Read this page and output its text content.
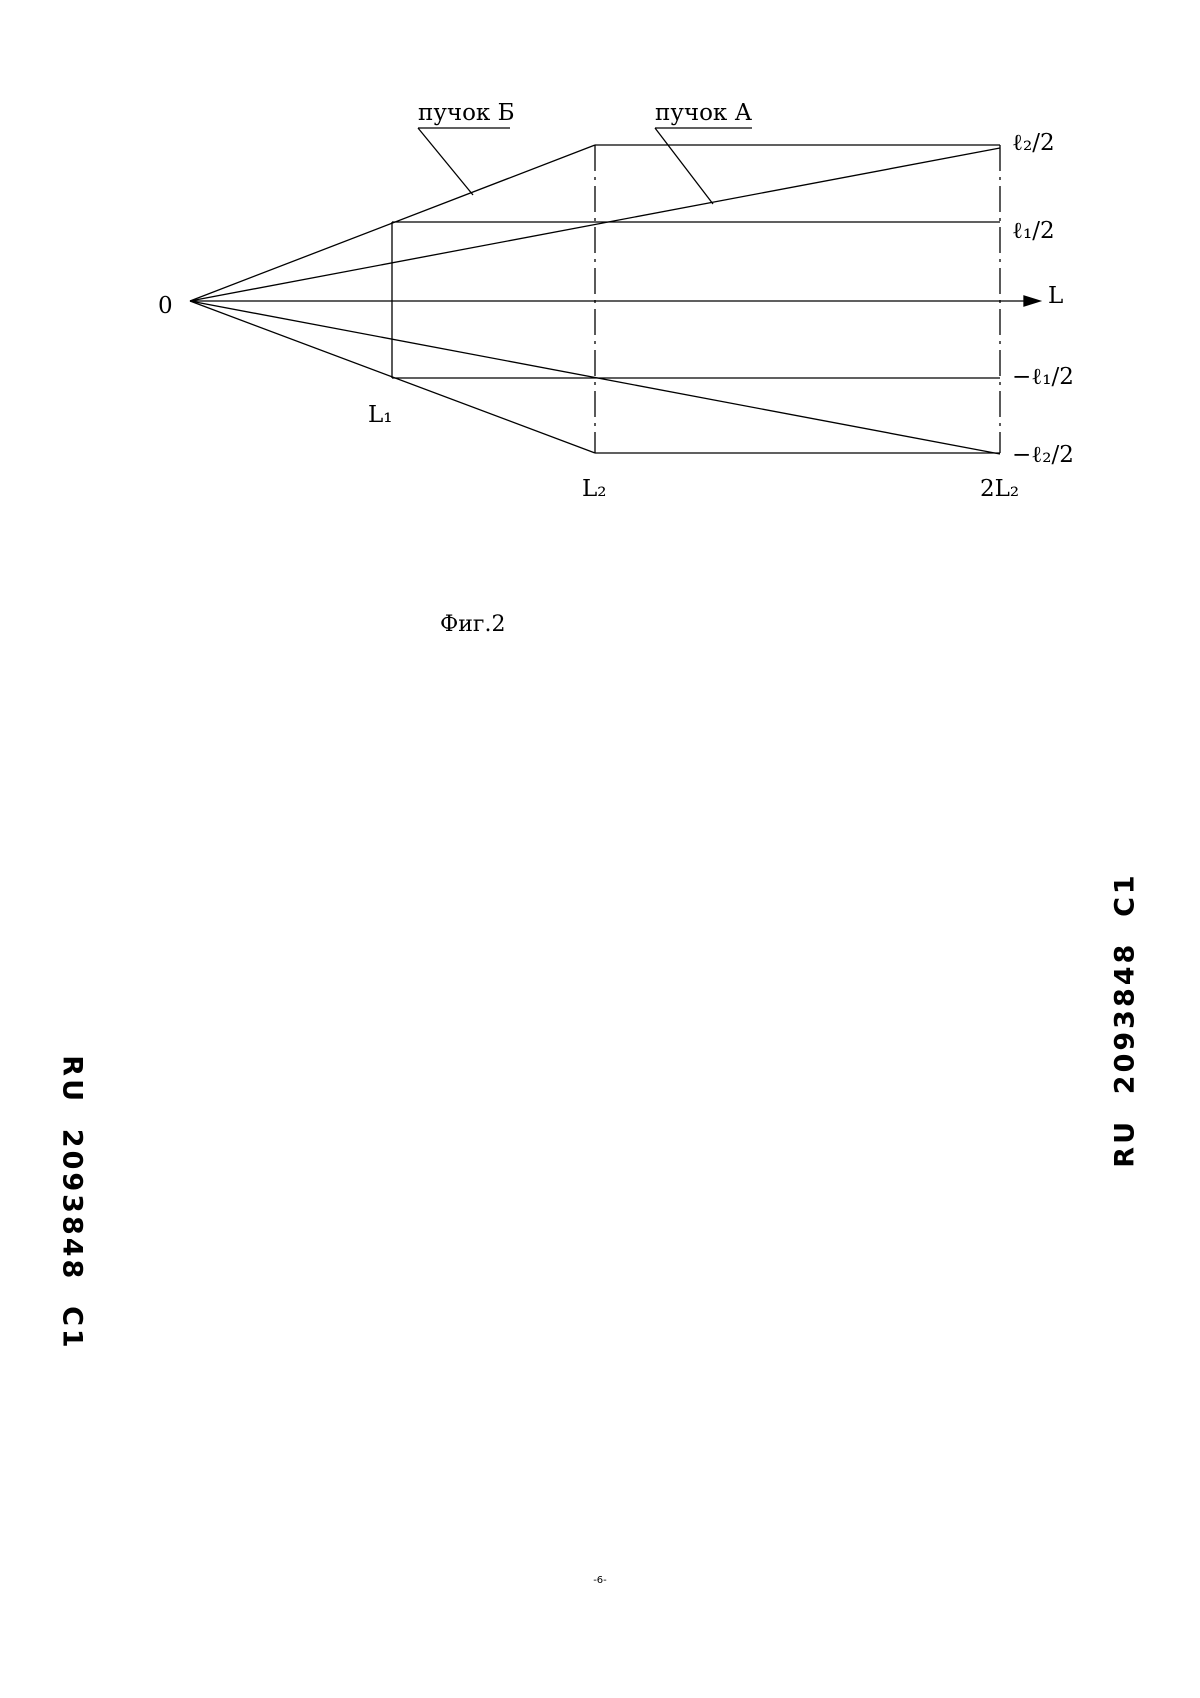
пучок Б	пучок А
0	L
ℓ₂/2
ℓ₁/2
−ℓ₁/2
−ℓ₂/2
L₁
L₂	2L₂
Фиг.2
RU  2093848  C1
RU  2093848  C1
-6-
